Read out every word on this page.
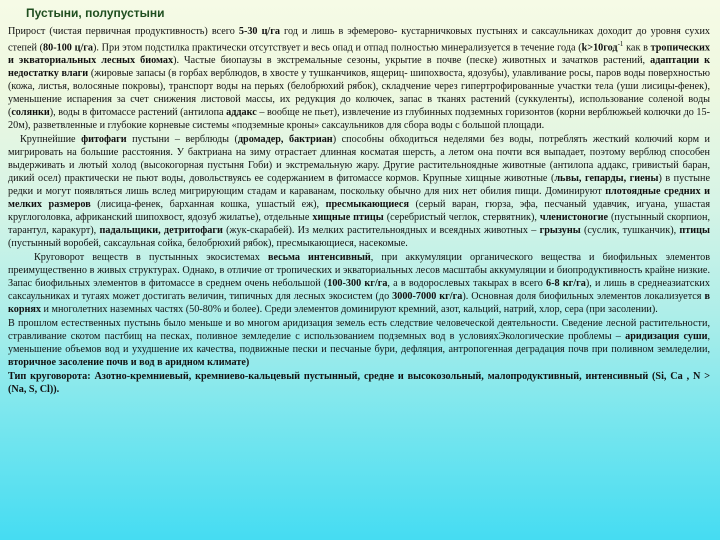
Пустыни, полупустыни
Прирост (чистая первичная продуктивность) всего 5-30 ц/га год и лишь в эфемерово- кустарничковых пустынях и саксаульниках доходит до уровня сухих степей (80-100 ц/га). При этом подстилка практически отсутствует и весь опад и отпад полностью минерализуется в течение года (k>10год$^{-1}$ как в тропических и экваториальных лесных биомах). Частые биопаузы в экстремальные сезоны, укрытие в почве (песке) животных и зачатков растений, адаптации к недостатку влаги (жировые запасы (в горбах верблюдов, в хвосте у тушканчиков, ящериц- шипохвоста, ядозубы), улавливание росы, паров воды поверхностью (кожа, листья, волосяные покровы), транспорт воды на перьях (белобрюхий рябок), складчение через гипертрофированные участки тела (уши лисицы-фенек), уменьшение испарения за счет снижения листовой массы, их редукция до колючек, запас в тканях растений (суккуленты), использование соленой воды (солянки), воды в фитомассе растений (антилопа аддакс – вообще не пьет), извлечение из глубинных подземных горизонтов (корни верблюжьей колючки до 15-20м), разветвленные и глубокие корневые системы «подземные кроны» саксаульников для сбора воды с большой площади.
Крупнейшие фитофаги пустыни – верблюды (дромадер, бактриан) способны обходиться неделями без воды, потреблять жесткий колючий корм и мигрировать на большие расстояния. У бактриана на зиму отрастает длинная косматая шерсть, а летом она почти вся выпадает, поэтому верблюд способен выдерживать и лютый холод (высокогорная пустыня Гоби) и экстремальную жару. Другие растительноядные животные (антилопа аддакс, гривистый баран, дикий осел) практически не пьют воды, довольствуясь ее содержанием в фитомассе кормов. Крупные хищные животные (львы, гепарды, гиены) в пустыне редки и могут появляться лишь вслед мигрирующим стадам и караванам, поскольку обычно для них нет обилия пищи. Доминируют плотоядные средних и мелких размеров (лисица-фенек, барханная кошка, ушастый еж), пресмыкающиеся (серый варан, гюрза, эфа, песчаный удавчик, игуана, ушастая круглоголовка, африканский шипохвост, ядозуб жилатье), отдельные хищные птицы (серебристый чеглок, стервятник), членистоногие (пустынный скорпион, тарантул, каракурт), падальщики, детритофаги (жук-скарабей). Из мелких растительноядных и всеядных животных – грызуны (суслик, тушканчик), птицы (пустынный воробей, саксаульная сойка, белобрюхий рябок), пресмыкающиеся, насекомые.
Круговорот веществ в пустынных экосистемах весьма интенсивный, при аккумуляции органического вещества и биофильных элементов преимущественно в живых структурах. Однако, в отличие от тропических и экваториальных лесов масштабы аккумуляции и биопродуктивность крайне низкие. Запас биофильных элементов в фитомассе в среднем очень небольшой (100-300 кг/га, а в водорослевых такырах в всего 6-8 кг/га), и лишь в среднеазиатских саксаульниках и тугаях может достигать величин, типичных для лесных экосистем (до 3000-7000 кг/га). Основная доля биофильных элементов локализуется в корнях и многолетних наземных частях (50-80% и более). Среди элементов доминируют кремний, азот, кальций, натрий, хлор, сера (при засолении).
В прошлом естественных пустынь было меньше и во многом аридизация земель есть следствие человеческой деятельности. Сведение лесной растительности, стравливание скотом пастбищ на песках, поливное земледелие с использованием подземных вод в условияхЭкологические проблемы – аридизация суши, уменьшение объемов вод и ухудшение их качества, подвижные пески и песчаные бури, дефляция, антропогенная деградация почв при поливном земледелии, вторичное засоление почв и вод в аридном климате)
Тип круговорота: Азотно-кремниевый, кремниево-кальцевый пустынный, средне и высокозольный, малопродуктивный, интенсивный (Si, Ca , N > (Na, S, Cl)).
